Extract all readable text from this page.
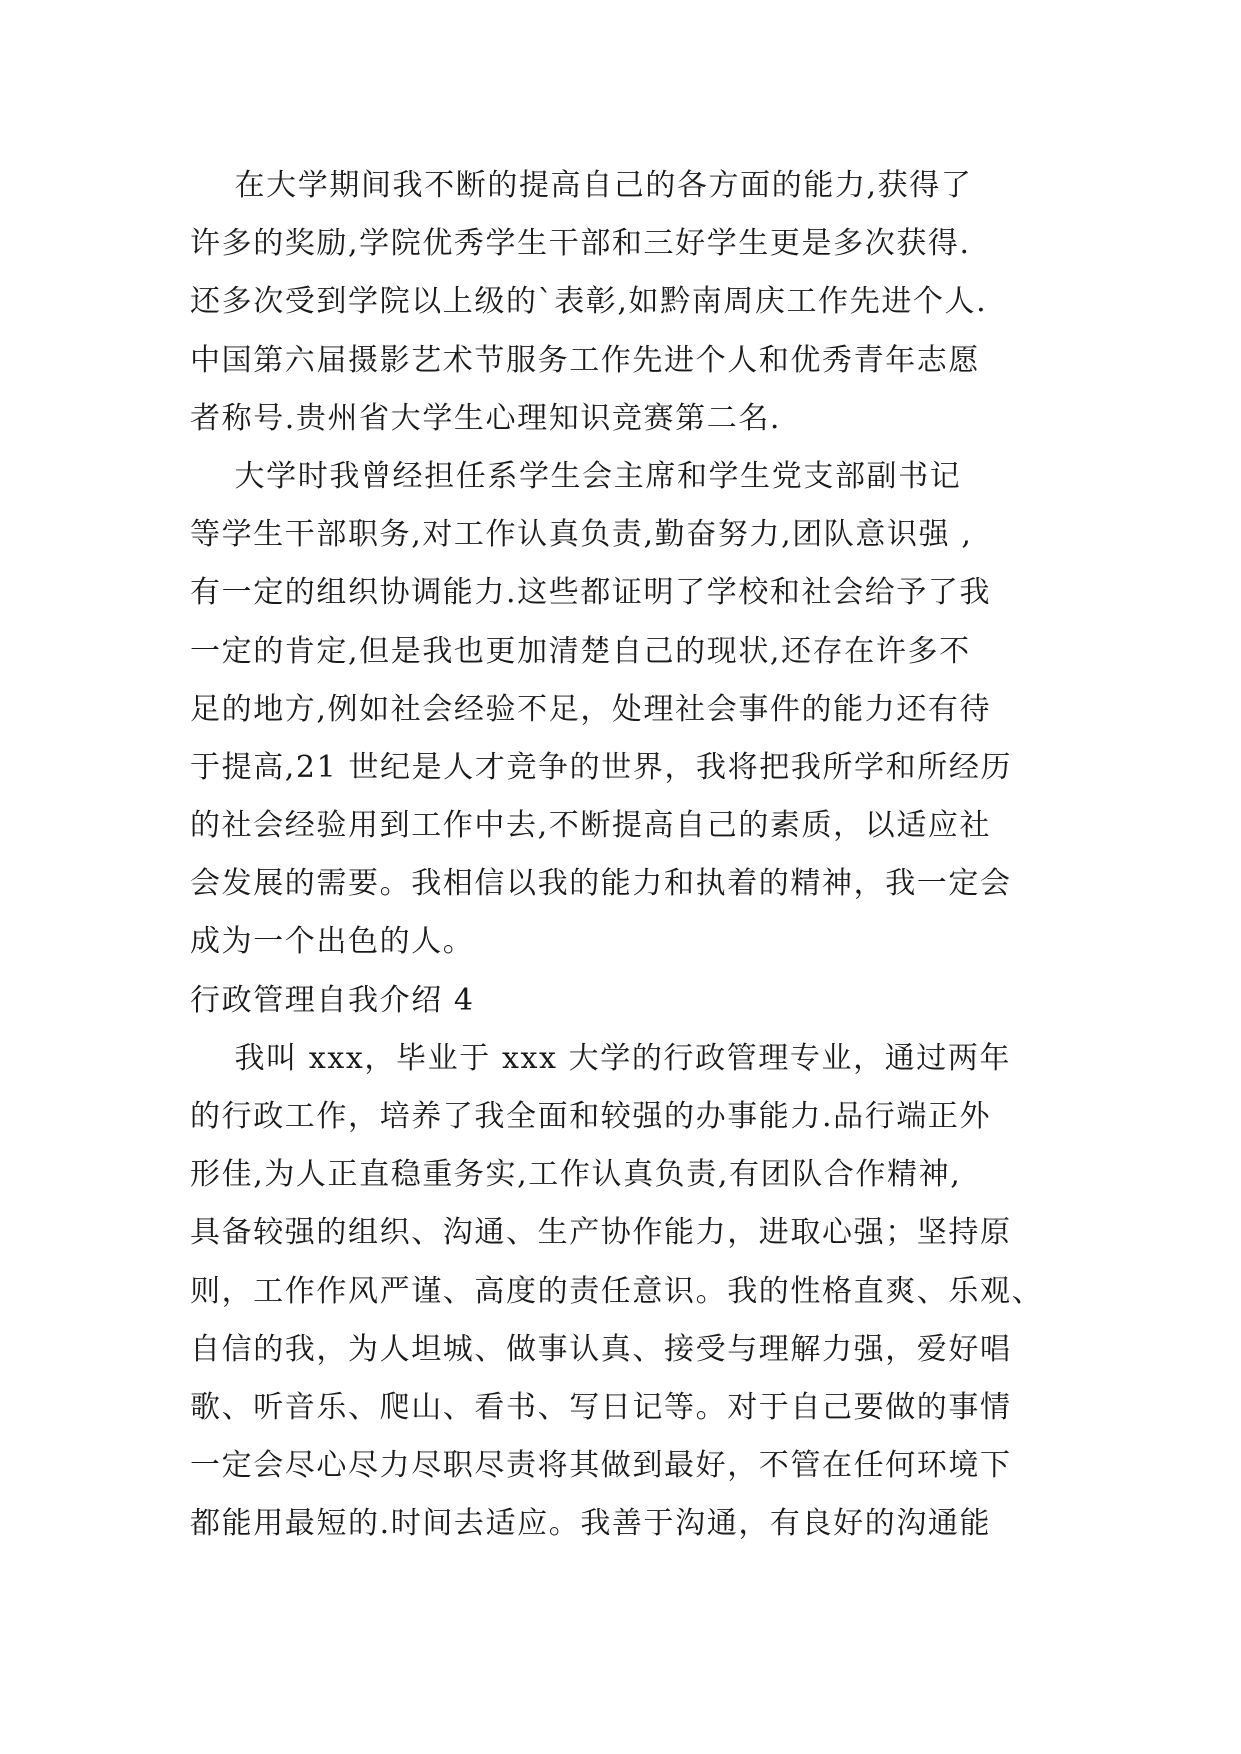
在大学期间我不断的提高自己的各方面的能力,获得了
许多的奖励,学院优秀学生干部和三好学生更是多次获得.
还多次受到学院以上级的`表彰,如黔南周庆工作先进个人.
中国第六届摄影艺术节服务工作先进个人和优秀青年志愿
者称号.贵州省大学生心理知识竞赛第二名.
大学时我曾经担任系学生会主席和学生党支部副书记
等学生干部职务,对工作认真负责,勤奋努力,团队意识强 ,
有一定的组织协调能力.这些都证明了学校和社会给予了我
一定的肯定,但是我也更加清楚自己的现状,还存在许多不
足的地方,例如社会经验不足，处理社会事件的能力还有待
于提高,21 世纪是人才竞争的世界，我将把我所学和所经历
的社会经验用到工作中去,不断提高自己的素质，以适应社
会发展的需要。我相信以我的能力和执着的精神，我一定会
成为一个出色的人。
行政管理自我介绍 4
我叫 xxx，毕业于 xxx 大学的行政管理专业，通过两年
的行政工作，培养了我全面和较强的办事能力.品行端正外
形佳,为人正直稳重务实,工作认真负责,有团队合作精神,
具备较强的组织、沟通、生产协作能力，进取心强；坚持原
则，工作作风严谨、高度的责任意识。我的性格直爽、乐观、
自信的我，为人坦城、做事认真、接受与理解力强，爱好唱
歌、听音乐、爬山、看书、写日记等。对于自己要做的事情
一定会尽心尽力尽职尽责将其做到最好，不管在任何环境下
都能用最短的.时间去适应。我善于沟通，有良好的沟通能
